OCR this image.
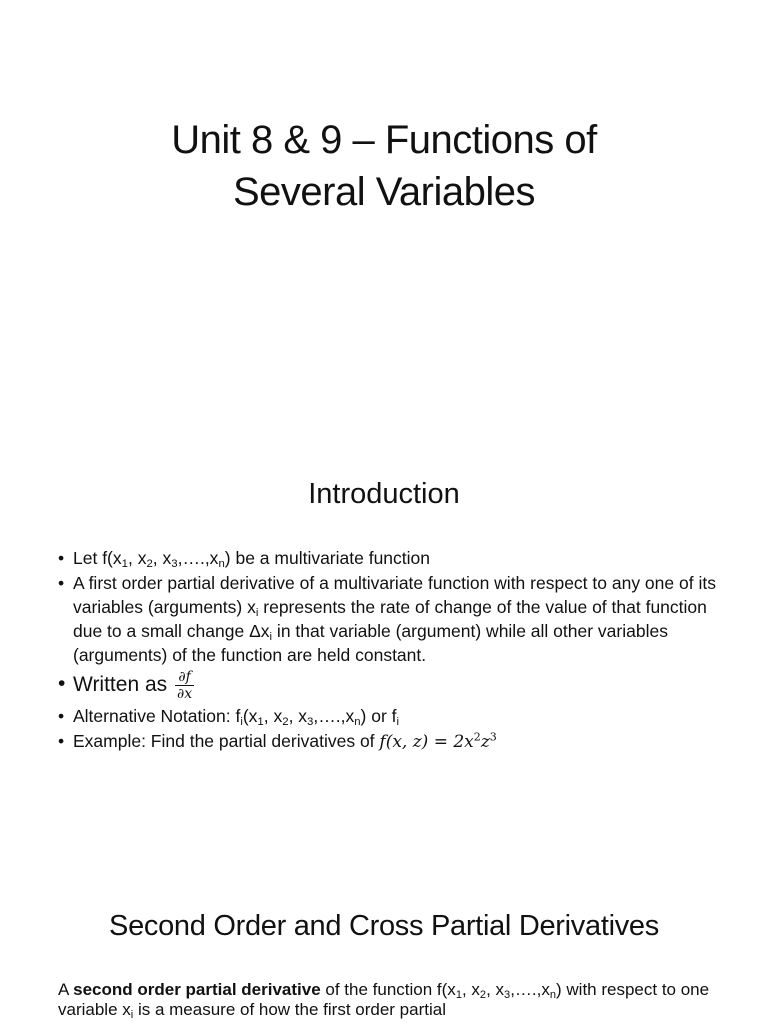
Unit 8 & 9 – Functions of
Several Variables
Introduction
• Let $f(x_1$, $x_2$, $x_3,\dots.,x_n$) be a multivariate function
• A first order partial derivative of a multivariate function with respect to any one of its variables (arguments) $x_i$ represents the rate of change of the value of that function due to a small change $\Delta x_i$ in that variable (argument) while all other variables (arguments) of the function are held constant.
• Written as $\frac{\partial f}{\partial x}$
• Alternative Notation: $f_i(x_1$, $x_2$, $x_3,\dots.,x_n$) or $f_i$
• Example: Find the partial derivatives of f(x, $z) = 2x^2z^3$
Second Order and Cross Partial Derivatives

A second order partial derivative of the function $f(x_1$, $x_2$, $x_3,\dots.,x_n$) with respect to one variable $x_i$ is a measure of how the first order partial
